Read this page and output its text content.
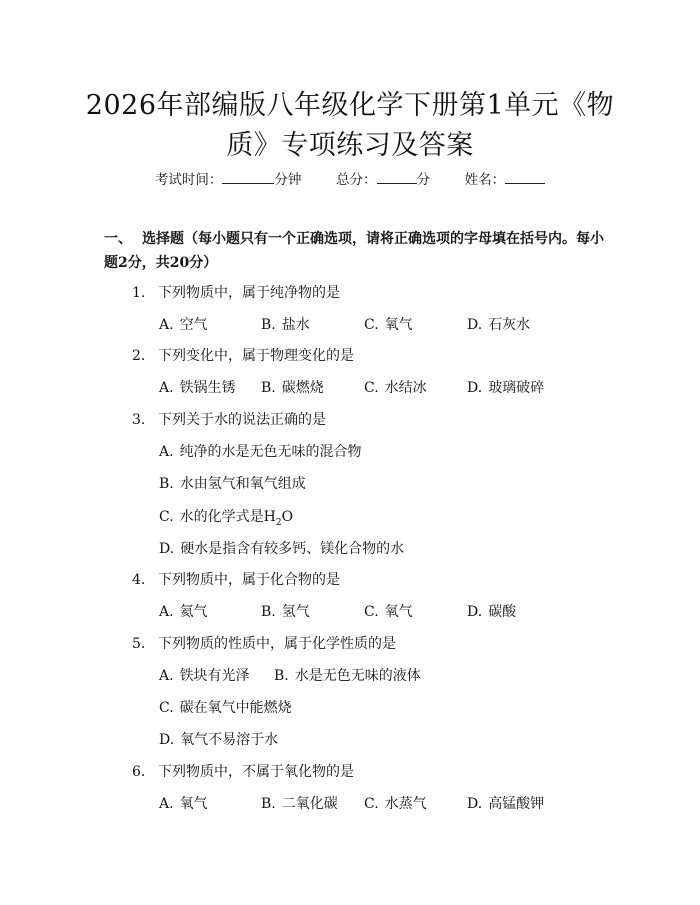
2026年部编版八年级化学下册第1单元《物
质》专项练习及答案
考试时间：	分钟	总分：	分	姓名：
一、 选择题（每小题只有一个正确选项，请将正确选项的字母填在括号内。每小题2分，共20分）
1. 下列物质中，属于纯净物的是
A. 空气	B. 盐水	C. 氧气	D. 石灰水
2. 下列变化中，属于物理变化的是
A. 铁锅生锈 B. 碳燃烧	C. 水结冰	D. 玻璃破碎
3. 下列关于水的说法正确的是
A. 纯净的水是无色无味的混合物
B. 水由氢气和氧气组成
C. 水的化学式是$H_2O$
D. 硬水是指含有较多钙、镁化合物的水
4. 下列物质中，属于化合物的是
A. 氦气	B. 氢气	C. 氧气	D. 碳酸
5. 下列物质的性质中，属于化学性质的是
A. 铁块有光泽 B. 水是无色无味的液体
C. 碳在氧气中能燃烧
D. 氧气不易溶于水
6. 下列物质中，不属于氧化物的是
A. 氧气	B. 二氧化碳 C. 水蒸气	D. 高锰酸钾
